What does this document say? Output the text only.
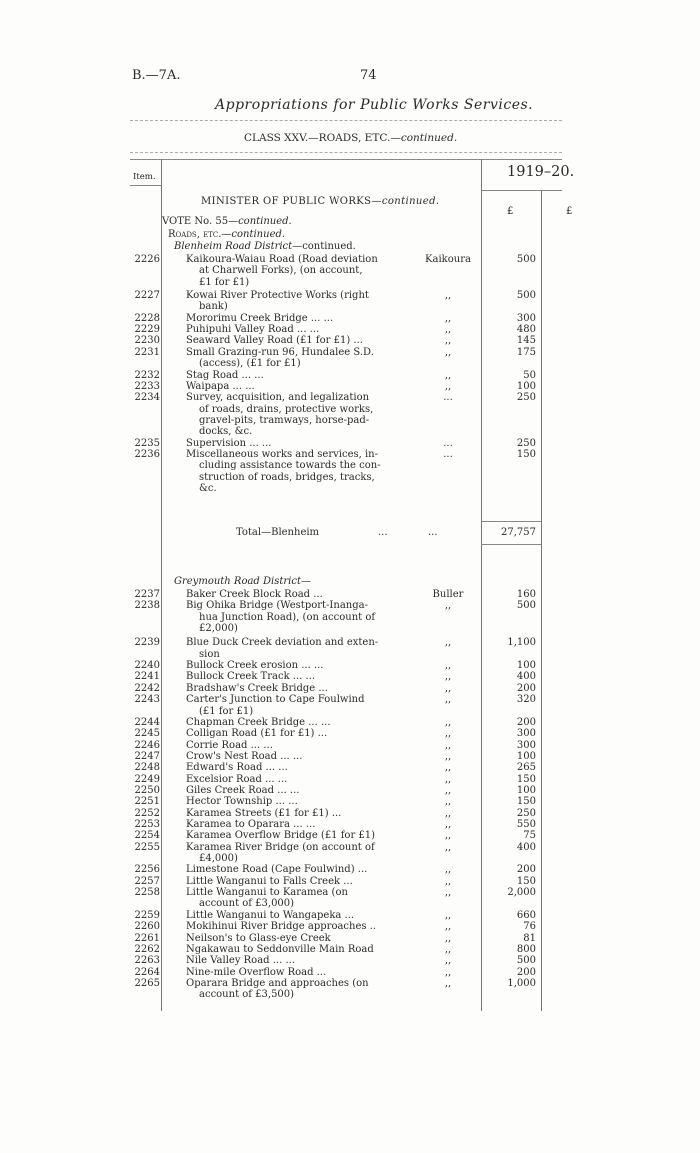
B.—7A.	74
Appropriations for Public Works Services.
CLASS XXV.—ROADS, ETC.—continued.
Item.	1919–20.
£	£
MINISTER OF PUBLIC WORKS—continued.
VOTE No. 55—continued.
Roads, etc.—continued.
Blenheim Road District—continued.
2226	Kaikoura-Waiau Road (Road deviation
at Charwell Forks), (on account,
£1 for £1)
Kaikoura	500
2227	Kowai River Protective Works (right
bank)
,,	500
2228	Mororimu Creek Bridge ... ...	,,	300
2229	Puhipuhi Valley Road ... ...	,,	480
2230	Seaward Valley Road (£1 for £1) ...	,,	145
2231	Small Grazing-run 96, Hundalee S.D.
(access), (£1 for £1)
,,	175
2232	Stag Road ... ...	,,	50
2233	Waipapa ... ...	,,	100
2234	Survey, acquisition, and legalization
of roads, drains, protective works,
gravel-pits, tramways, horse-pad-
docks, &c.
...	250
2235	Supervision ... ...	...	250
2236	Miscellaneous works and services, in-
cluding assistance towards the con-
struction of roads, bridges, tracks,
&c.
...	150
Total—Blenheim	...	...	27,757
Greymouth Road District—
2237	Baker Creek Block Road ...	Buller	160
2238	Big Ohika Bridge (Westport-Inanga-
hua Junction Road), (on account of
£2,000)
,,	500
2239	Blue Duck Creek deviation and exten-
sion
,,	1,100
2240	Bullock Creek erosion ... ...	,,	100
2241	Bullock Creek Track ... ...	,,	400
2242	Bradshaw's Creek Bridge ...	,,	200
2243	Carter's Junction to Cape Foulwind
(£1 for £1)
,,	320
2244	Chapman Creek Bridge ... ...	,,	200
2245	Colligan Road (£1 for £1) ...	,,	300
2246	Corrie Road ... ...	,,	300
2247	Crow's Nest Road ... ...	,,	100
2248	Edward's Road ... ...	,,	265
2249	Excelsior Road ... ...	,,	150
2250	Giles Creek Road ... ...	,,	100
2251	Hector Township ... ...	,,	150
2252	Karamea Streets (£1 for £1) ...	,,	250
2253	Karamea to Oparara ... ...	,,	550
2254	Karamea Overflow Bridge (£1 for £1)	,,	75
2255	Karamea River Bridge (on account of
£4,000)
,,	400
2256	Limestone Road (Cape Foulwind) ...	,,	200
2257	Little Wanganui to Falls Creek ...	,,	150
2258	Little Wanganui to Karamea (on
account of £3,000)
,,	2,000
2259	Little Wanganui to Wangapeka ...	,,	660
2260	Mokihinui River Bridge approaches ..	,,	76
2261	Neilson's to Glass-eye Creek	,,	81
2262	Ngakawau to Seddonville Main Road	,,	800
2263	Nile Valley Road ... ...	,,	500
2264	Nine-mile Overflow Road ...	,,	200
2265	Oparara Bridge and approaches (on
account of £3,500)
,,	1,000
